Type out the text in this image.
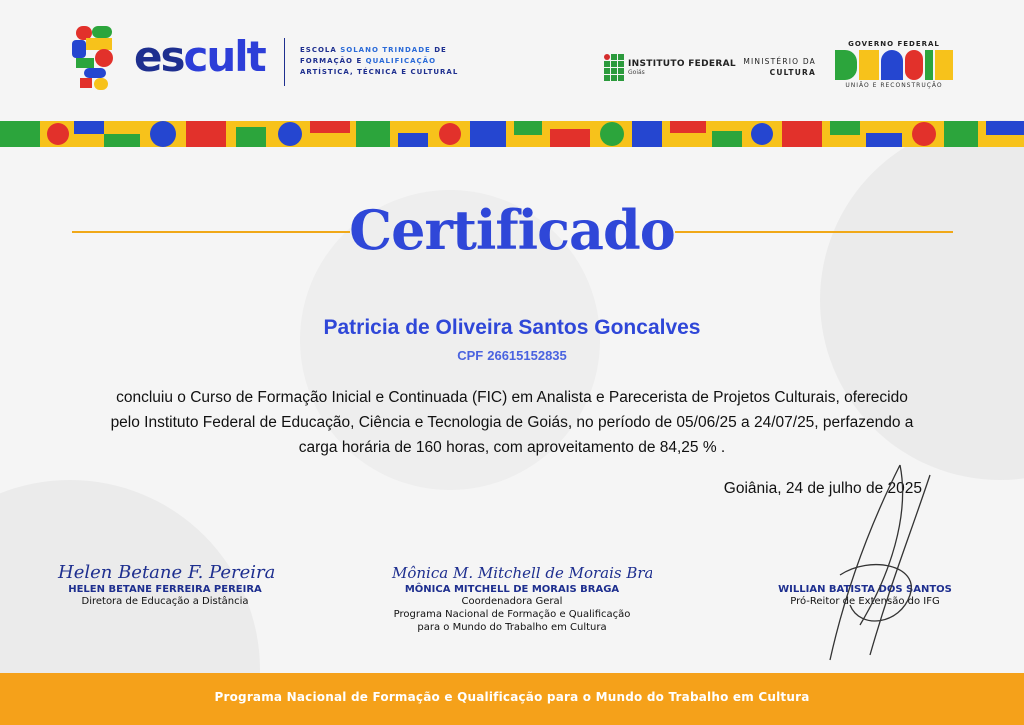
escult	ESCOLA SOLANO TRINDADE DE
FORMAÇÃO E QUALIFICAÇÃO
ARTÍSTICA, TÉCNICA E CULTURAL
INSTITUTO FEDERAL
Goiás
MINISTÉRIO DA
CULTURA
GOVERNO FEDERAL
UNIÃO E RECONSTRUÇÃO
Certificado
Patricia de Oliveira Santos Goncalves
CPF 26615152835
concluiu o Curso de Formação Inicial e Continuada (FIC) em Analista e Parecerista de Projetos Culturais, oferecido pelo Instituto Federal de Educação, Ciência e Tecnologia de Goiás, no período de 05/06/25 a 24/07/25, perfazendo a carga horária de 160 horas, com aproveitamento de 84,25 % .
Goiânia, 24 de julho de 2025
Helen Betane F. Pereira
HELEN BETANE FERREIRA PEREIRA
Diretora de Educação a Distância
Mônica M. Mitchell de Morais Braga
MÔNICA MITCHELL DE MORAIS BRAGA
Coordenadora Geral
Programa Nacional de Formação e Qualificação
para o Mundo do Trabalho em Cultura
WILLIAN BATISTA DOS SANTOS
Pró-Reitor de Extensão do IFG
Programa Nacional de Formação e Qualificação para o Mundo do Trabalho em Cultura
